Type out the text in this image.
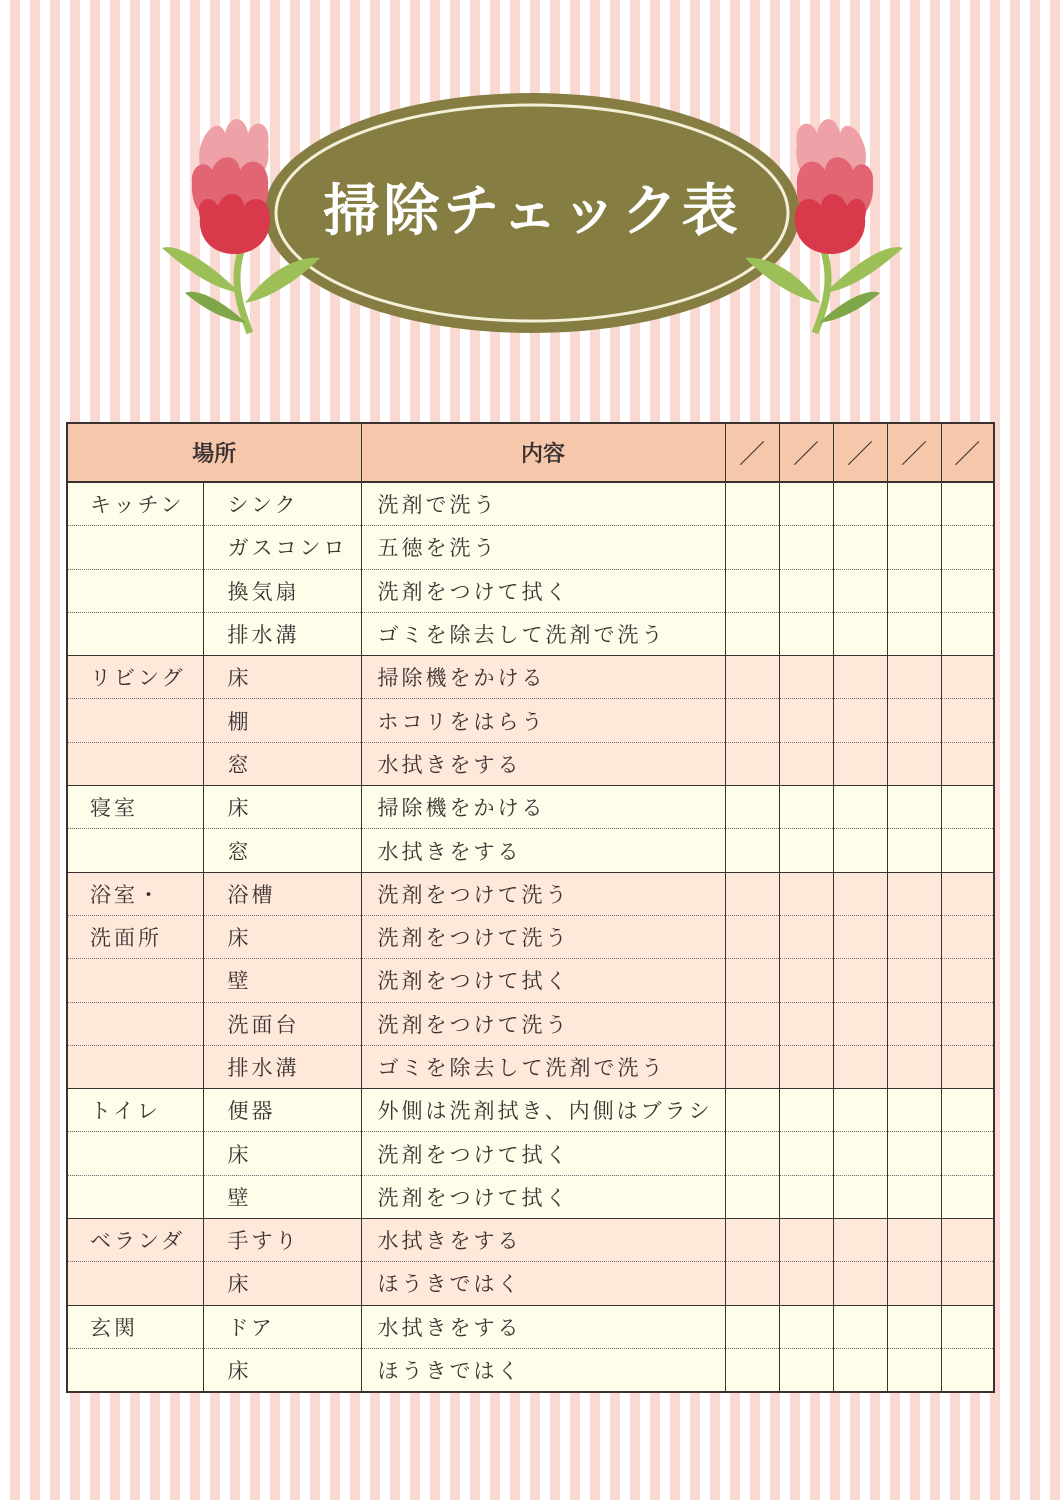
掃除チェック表
場所		内容	／	／	／	／	／
キッチン	シンク	洗剤で洗う					
	ガスコンロ	五徳を洗う					
	換気扇	洗剤をつけて拭く					
	排水溝	ゴミを除去して洗剤で洗う					
リビング	床	掃除機をかける					
	棚	ホコリをはらう					
	窓	水拭きをする					
寝室	床	掃除機をかける					
	窓	水拭きをする					
浴室・	浴槽	洗剤をつけて洗う					
洗面所	床	洗剤をつけて洗う					
	壁	洗剤をつけて拭く					
	洗面台	洗剤をつけて洗う					
	排水溝	ゴミを除去して洗剤で洗う					
トイレ	便器	外側は洗剤拭き、内側はブラシ					
	床	洗剤をつけて拭く					
	壁	洗剤をつけて拭く					
ベランダ	手すり	水拭きをする					
	床	ほうきではく					
玄関	ドア	水拭きをする					
	床	ほうきではく					
